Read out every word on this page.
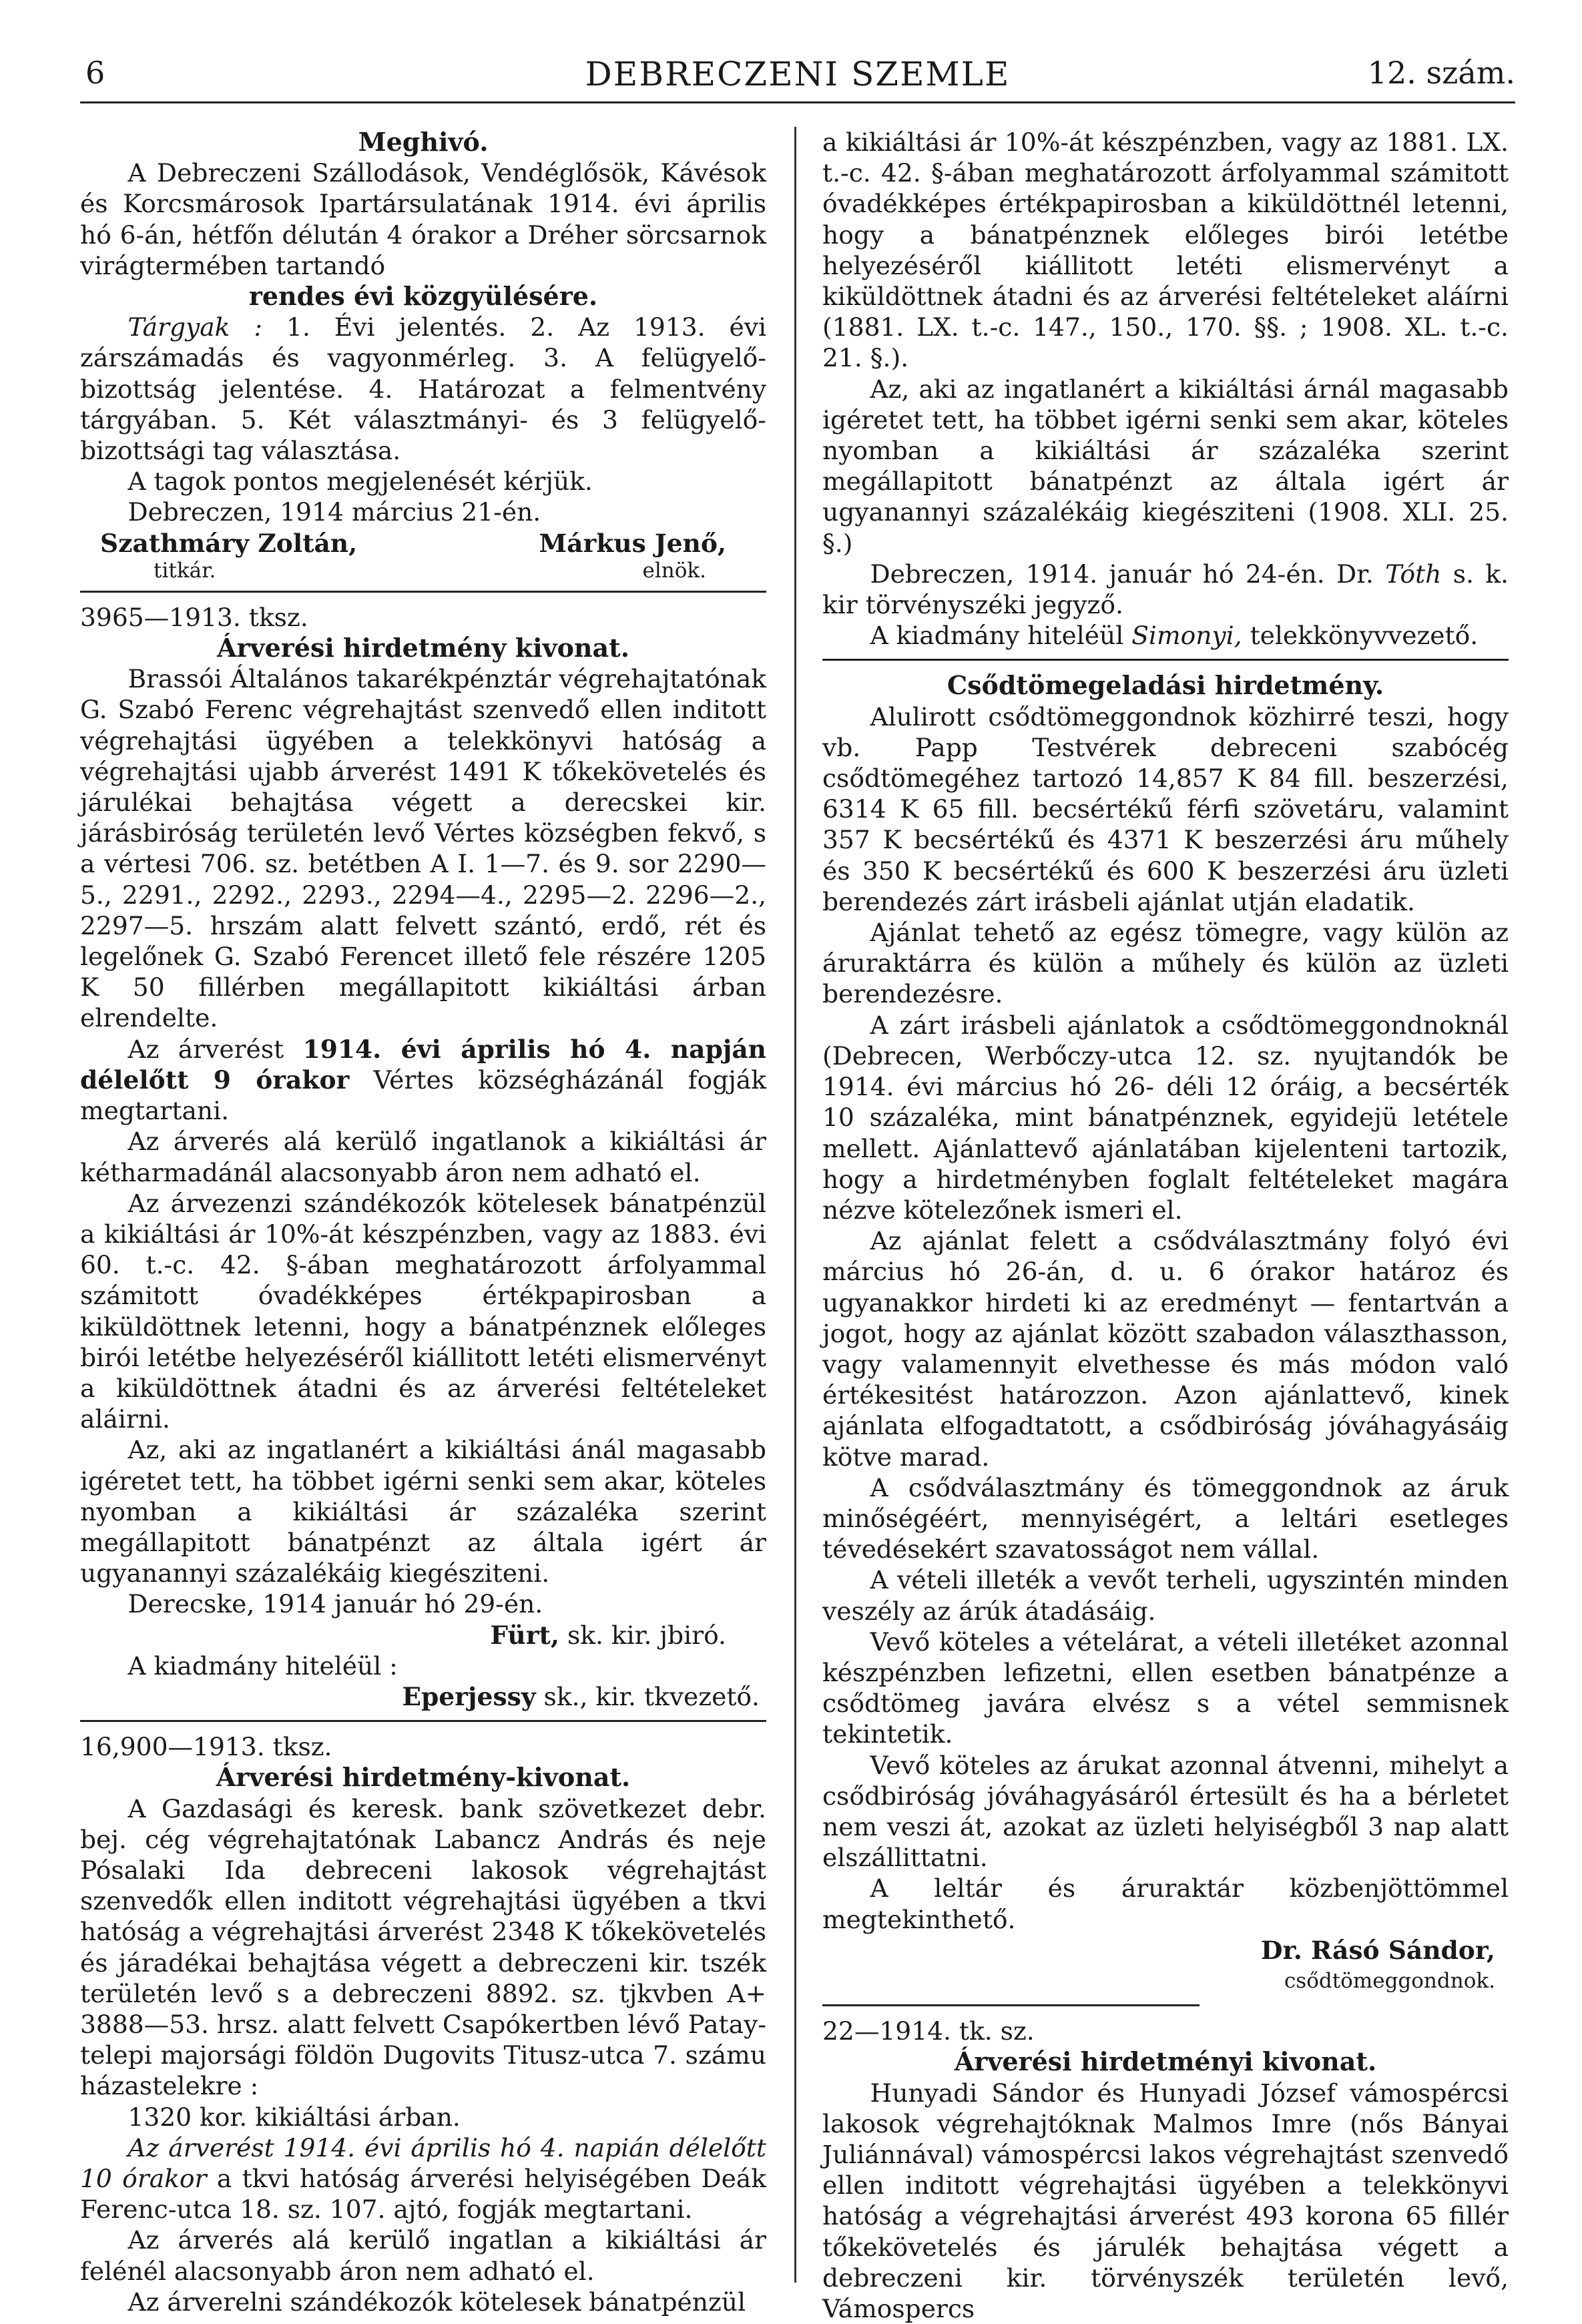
6	DEBRECZENI SZEMLE	12. szám.

Meghivó.

A Debreczeni Szállodások, Vendéglősök, Kávésok és Korcsmárosok Ipartársulatának 1914. évi április hó 6-án, hétfőn délután 4 órakor a Dréher sörcsarnok virágtermében tartandó

rendes évi közgyülésére.

Tárgyak : 1. Évi jelentés. 2. Az 1913. évi zárszámadás és vagyonmérleg. 3. A felügyelő-bizottság jelentése. 4. Határozat a felmentvény tárgyában. 5. Két választmányi- és 3 felügyelő-bizottsági tag választása.

A tagok pontos megjelenését kérjük.

Debreczen, 1914 március 21-én.

Szathmáry Zoltán,	Márkus Jenő,
titkár.	elnök.

3965—1913. tksz.

Árverési hirdetmény kivonat.

Brassói Általános takarékpénztár végrehajtatónak G. Szabó Ferenc végrehajtást szenvedő ellen inditott végrehajtási ügyében a telekkönyvi hatóság a végrehajtási ujabb árverést 1491 K tőkekövetelés és járulékai behajtása végett a derecskei kir. járásbiróság területén levő Vértes községben fekvő, s a vértesi 706. sz. betétben A I. 1—7. és 9. sor 2290—5., 2291., 2292., 2293., 2294—4., 2295—2. 2296—2., 2297—5. hrszám alatt felvett szántó, erdő, rét és legelőnek G. Szabó Ferencet illető fele részére 1205 K 50 fillérben megállapitott kikiáltási árban elrendelte.

Az árverést 1914. évi április hó 4. napján délelőtt 9 órakor Vértes községházánál fogják megtartani.

Az árverés alá kerülő ingatlanok a kikiáltási ár kétharmadánál alacsonyabb áron nem adható el.

Az árvezenzi szándékozók kötelesek bánatpénzül a kikiáltási ár 10%-át készpénzben, vagy az 1883. évi 60. t.-c. 42. §-ában meghatározott árfolyammal számitott óvadékképes értékpapirosban a kiküldöttnek letenni, hogy a bánatpénznek előleges birói letétbe helyezéséről kiállitott letéti elismervényt a kiküldöttnek átadni és az árverési feltételeket aláirni.

Az, aki az ingatlanért a kikiáltási ánál magasabb igéretet tett, ha többet igérni senki sem akar, köteles nyomban a kikiáltási ár százaléka szerint megállapitott bánatpénzt az általa igért ár ugyanannyi százalékáig kiegésziteni.

Derecske, 1914 január hó 29-én.

Fürt, sk. kir. jbiró.

A kiadmány hiteléül :

Eperjessy sk., kir. tkvezető.

16,900—1913. tksz.

Árverési hirdetmény-kivonat.

A Gazdasági és keresk. bank szövetkezet debr. bej. cég végrehajtatónak Labancz András és neje Pósalaki Ida debreceni lakosok végrehajtást szenvedők ellen inditott végrehajtási ügyében a tkvi hatóság a végrehajtási árverést 2348 K tőkekövetelés és járadékai behajtása végett a debreczeni kir. tszék területén levő s a debreczeni 8892. sz. tjkvben A+ 3888—53. hrsz. alatt felvett Csapókertben lévő Patay-telepi majorsági földön Dugovits Titusz-utca 7. számu házastelekre :

1320 kor. kikiáltási árban.

Az árverést 1914. évi április hó 4. napián délelőtt 10 órakor a tkvi hatóság árverési helyiségében Deák Ferenc-utca 18. sz. 107. ajtó, fogják megtartani.

Az árverés alá kerülő ingatlan a kikiáltási ár felénél alacsonyabb áron nem adható el.

Az árverelni szándékozók kötelesek bánatpénzül

a kikiáltási ár 10%-át készpénzben, vagy az 1881. LX. t.-c. 42. §-ában meghatározott árfolyammal számitott óvadékképes értékpapirosban a kiküldöttnél letenni, hogy a bánatpénznek előleges birói letétbe helyezéséről kiállitott letéti elismervényt a kiküldöttnek átadni és az árverési feltételeket aláírni (1881. LX. t.-c. 147., 150., 170. §§. ; 1908. XL. t.-c. 21. §.).

Az, aki az ingatlanért a kikiáltási árnál magasabb igéretet tett, ha többet igérni senki sem akar, köteles nyomban a kikiáltási ár százaléka szerint megállapitott bánatpénzt az általa igért ár ugyanannyi százalékáig kiegésziteni (1908. XLI. 25. §.)

Debreczen, 1914. január hó 24-én. Dr. Tóth s. k. kir törvényszéki jegyző.

A kiadmány hiteléül Simonyi, telekkönyvvezető.

Csődtömegeladási hirdetmény.

Alulirott csődtömeggondnok közhirré teszi, hogy vb. Papp Testvérek debreceni szabócég csődtömegéhez tartozó 14,857 K 84 fill. beszerzési, 6314 K 65 fill. becsértékű férfi szövetáru, valamint 357 K becsértékű és 4371 K beszerzési áru műhely és 350 K becsértékű és 600 K beszerzési áru üzleti berendezés zárt irásbeli ajánlat utján eladatik.

Ajánlat tehető az egész tömegre, vagy külön az áruraktárra és külön a műhely és külön az üzleti berendezésre.

A zárt irásbeli ajánlatok a csődtömeggondnoknál (Debrecen, Werbőczy-utca 12. sz. nyujtandók be 1914. évi március hó 26- déli 12 óráig, a becsérték 10 százaléka, mint bánatpénznek, egyidejü letétele mellett. Ajánlattevő ajánlatában kijelenteni tartozik, hogy a hirdetményben foglalt feltételeket magára nézve kötelezőnek ismeri el.

Az ajánlat felett a csődválasztmány folyó évi március hó 26-án, d. u. 6 órakor határoz és ugyanakkor hirdeti ki az eredményt — fentartván a jogot, hogy az ajánlat között szabadon választhasson, vagy valamennyit elvethesse és más módon való értékesitést határozzon. Azon ajánlattevő, kinek ajánlata elfogadtatott, a csődbiróság jóváhagyásáig kötve marad.

A csődválasztmány és tömeggondnok az áruk minőségéért, mennyiségért, a leltári esetleges tévedésekért szavatosságot nem vállal.

A vételi illeték a vevőt terheli, ugyszintén minden veszély az árúk átadásáig.

Vevő köteles a vételárat, a vételi illetéket azonnal készpénzben lefizetni, ellen esetben bánatpénze a csődtömeg javára elvész s a vétel semmisnek tekintetik.

Vevő köteles az árukat azonnal átvenni, mihelyt a csődbiróság jóváhagyásáról értesült és ha a bérletet nem veszi át, azokat az üzleti helyiségből 3 nap alatt elszállittatni.

A leltár és áruraktár közbenjöttömmel megtekinthető.

Dr. Rásó Sándor,

csődtömeggondnok.

22—1914. tk. sz.

Árverési hirdetményi kivonat.

Hunyadi Sándor és Hunyadi József vámospércsi lakosok végrehajtóknak Malmos Imre (nős Bányai Juliánnával) vámospércsi lakos végrehajtást szenvedő ellen inditott végrehajtási ügyében a telekkönyvi hatóság a végrehajtási árverést 493 korona 65 fillér tőkekövetelés és járulék behajtása végett a debreczeni kir. törvényszék területén levő, Vámospercs
